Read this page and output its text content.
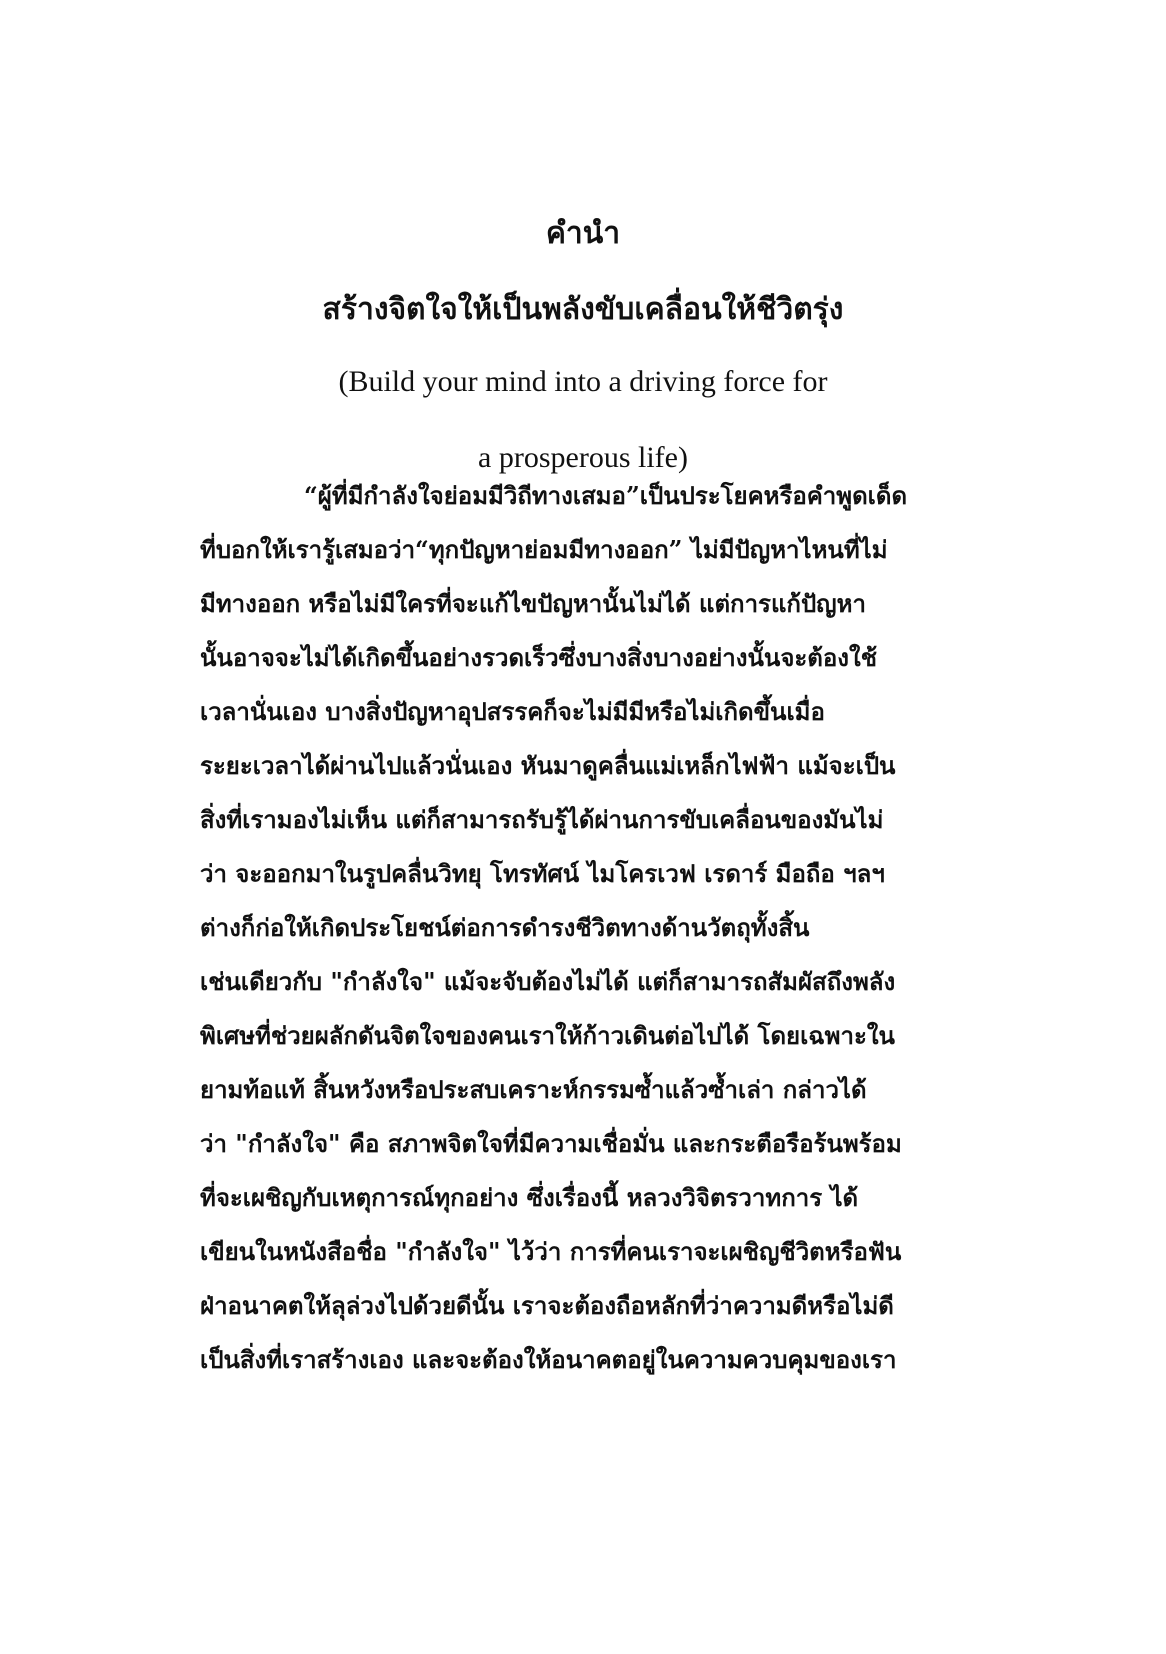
คำนำ
สร้างจิตใจให้เป็นพลังขับเคลื่อนให้ชีวิตรุ่ง
(Build your mind into a driving force for
a prosperous life)
“ผู้ที่มีกำลังใจย่อมมีวิถีทางเสมอ”เป็นประโยคหรือคำพูดเด็ด
ที่บอกให้เรารู้เสมอว่า“ทุกปัญหาย่อมมีทางออก” ไม่มีปัญหาไหนที่ไม่
มีทางออก หรือไม่มีใครที่จะแก้ไขปัญหานั้นไม่ได้ แต่การแก้ปัญหา
นั้นอาจจะไม่ได้เกิดขึ้นอย่างรวดเร็วซึ่งบางสิ่งบางอย่างนั้นจะต้องใช้
เวลานั่นเอง บางสิ่งปัญหาอุปสรรคก็จะไม่มีมีหรือไม่เกิดขึ้นเมื่อ
ระยะเวลาได้ผ่านไปแล้วนั่นเอง หันมาดูคลื่นแม่เหล็กไฟฟ้า แม้จะเป็น
สิ่งที่เรามองไม่เห็น แต่ก็สามารถรับรู้ได้ผ่านการขับเคลื่อนของมันไม่
ว่า จะออกมาในรูปคลื่นวิทยุ โทรทัศน์ ไมโครเวฟ เรดาร์ มือถือ ฯลฯ
ต่างก็ก่อให้เกิดประโยชน์ต่อการดำรงชีวิตทางด้านวัตถุทั้งสิ้น
เช่นเดียวกับ "กำลังใจ" แม้จะจับต้องไม่ได้ แต่ก็สามารถสัมผัสถึงพลัง
พิเศษที่ช่วยผลักดันจิตใจของคนเราให้ก้าวเดินต่อไปได้ โดยเฉพาะใน
ยามท้อแท้ สิ้นหวังหรือประสบเคราะห์กรรมซ้ำแล้วซ้ำเล่า กล่าวได้
ว่า "กำลังใจ" คือ สภาพจิตใจที่มีความเชื่อมั่น และกระตือรือร้นพร้อม
ที่จะเผชิญกับเหตุการณ์ทุกอย่าง ซึ่งเรื่องนี้ หลวงวิจิตรวาทการ ได้
เขียนในหนังสือชื่อ "กำลังใจ" ไว้ว่า การที่คนเราจะเผชิญชีวิตหรือฟัน
ฝ่าอนาคตให้ลุล่วงไปด้วยดีนั้น เราจะต้องถือหลักที่ว่าความดีหรือไม่ดี
เป็นสิ่งที่เราสร้างเอง และจะต้องให้อนาคตอยู่ในความควบคุมของเรา
